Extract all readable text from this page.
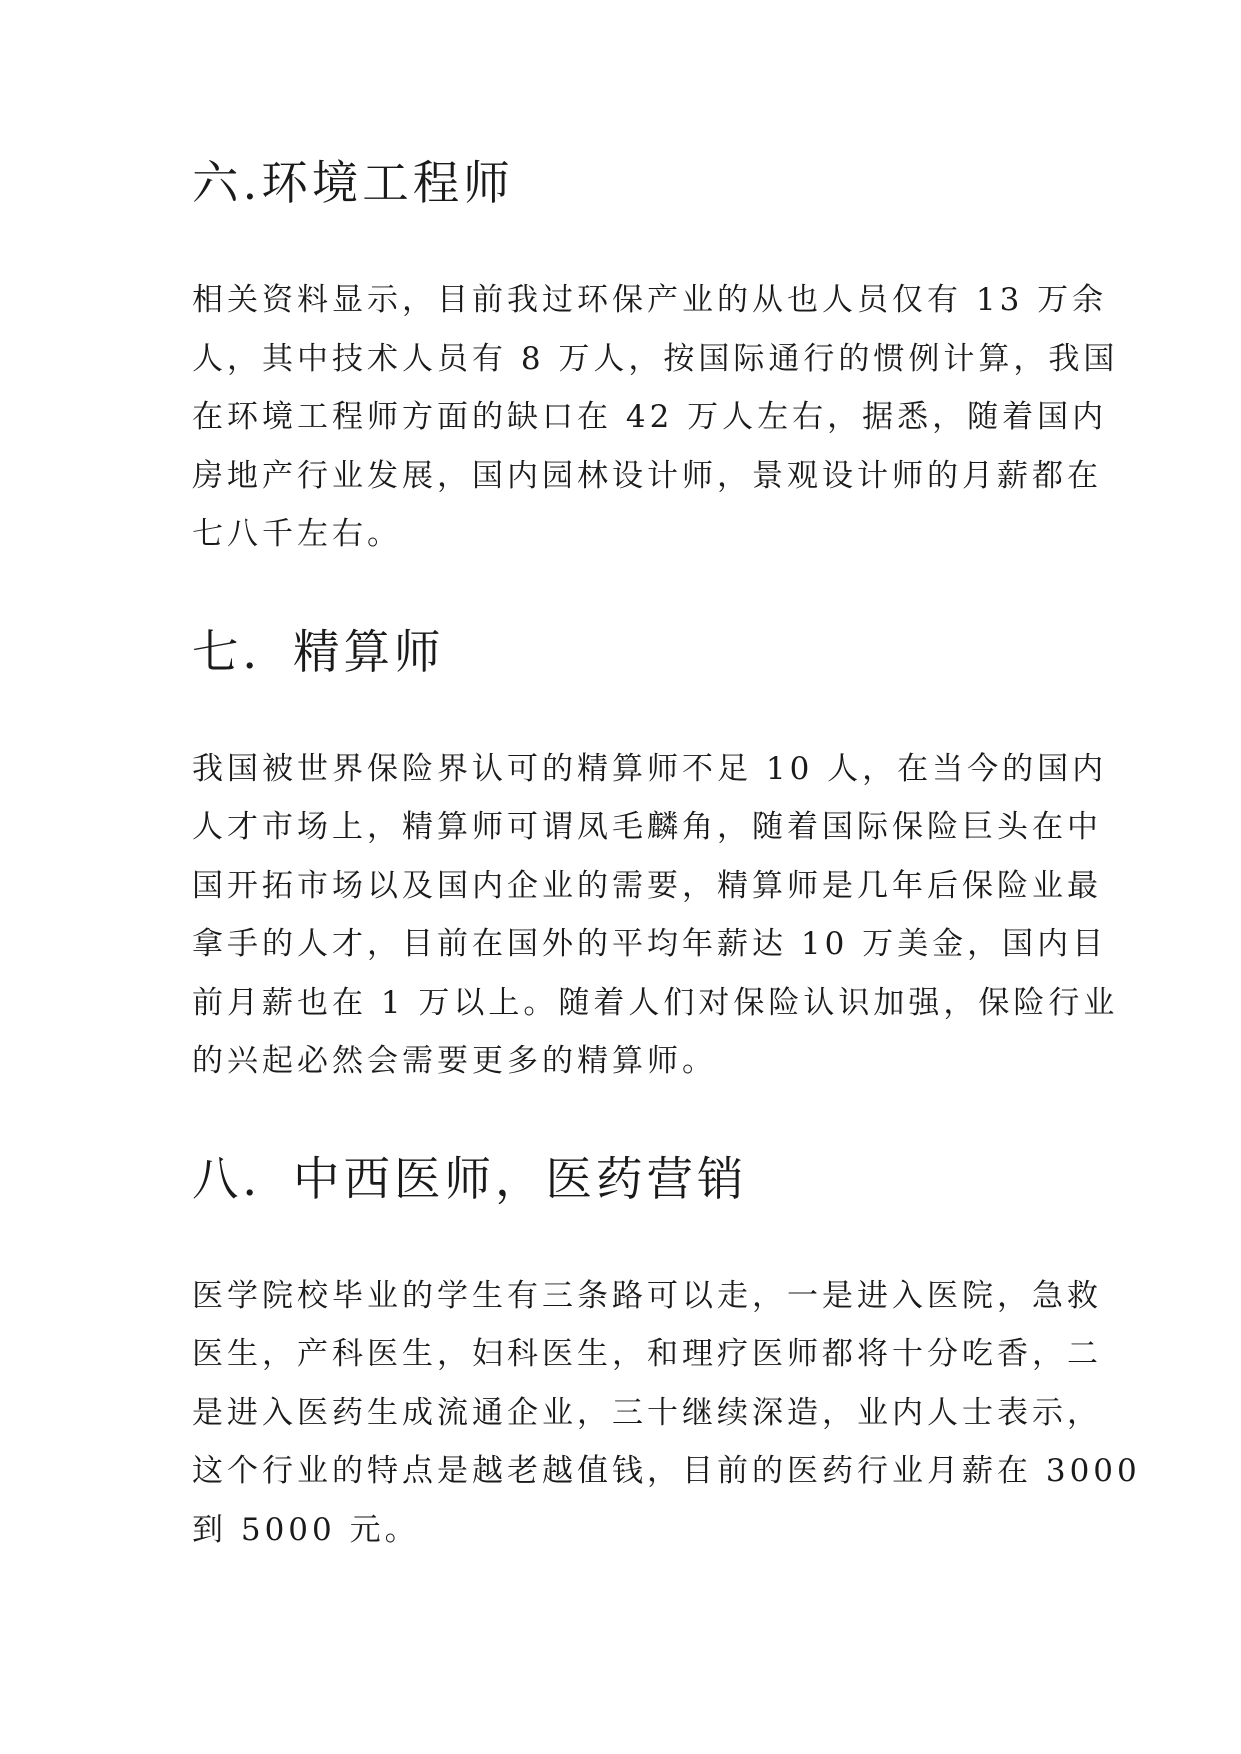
六.环境工程师

相关资料显示，目前我过环保产业的从也人员仅有 13 万余
人，其中技术人员有 8 万人，按国际通行的惯例计算，我国
在环境工程师方面的缺口在 42 万人左右，据悉，随着国内
房地产行业发展，国内园林设计师，景观设计师的月薪都在
七八千左右。

七．精算师

我国被世界保险界认可的精算师不足 10 人，在当今的国内
人才市场上，精算师可谓凤毛麟角，随着国际保险巨头在中
国开拓市场以及国内企业的需要，精算师是几年后保险业最
拿手的人才，目前在国外的平均年薪达 10 万美金，国内目
前月薪也在 1 万以上。随着人们对保险认识加强，保险行业
的兴起必然会需要更多的精算师。

八．中西医师，医药营销

医学院校毕业的学生有三条路可以走，一是进入医院，急救
医生，产科医生，妇科医生，和理疗医师都将十分吃香，二
是进入医药生成流通企业，三十继续深造，业内人士表示，
这个行业的特点是越老越值钱，目前的医药行业月薪在 3000
到 5000 元。
